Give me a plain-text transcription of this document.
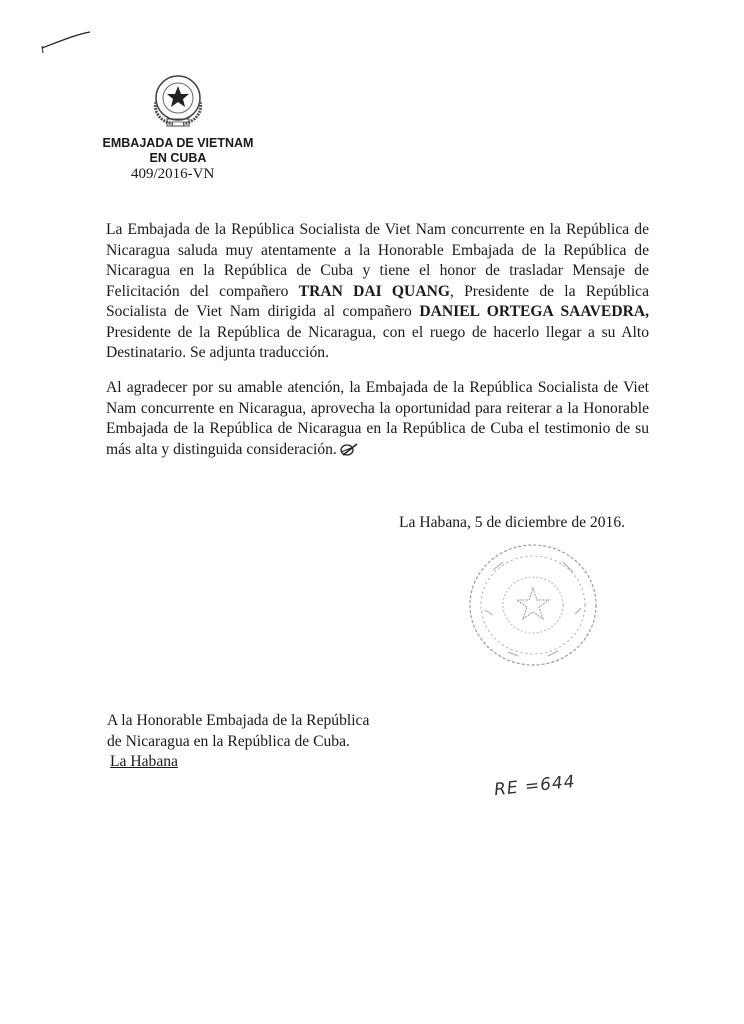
EMBAJADA DE VIETNAM
EN CUBA
409/2016-VN
La Embajada de la República Socialista de Viet Nam concurrente en la República de Nicaragua saluda muy atentamente a la Honorable Embajada de la República de Nicaragua en la República de Cuba y tiene el honor de trasladar Mensaje de Felicitación del compañero TRAN DAI QUANG, Presidente de la República Socialista de Viet Nam dirigida al compañero DANIEL ORTEGA SAAVEDRA, Presidente de la República de Nicaragua, con el ruego de hacerlo llegar a su Alto Destinatario. Se adjunta traducción.
Al agradecer por su amable atención, la Embajada de la República Socialista de Viet Nam concurrente en Nicaragua, aprovecha la oportunidad para reiterar a la Honorable Embajada de la República de Nicaragua en la República de Cuba el testimonio de su más alta y distinguida consideración.
La Habana, 5 de diciembre de 2016.
A la Honorable Embajada de la República
de Nicaragua en la República de Cuba.
La Habana
RE =644
